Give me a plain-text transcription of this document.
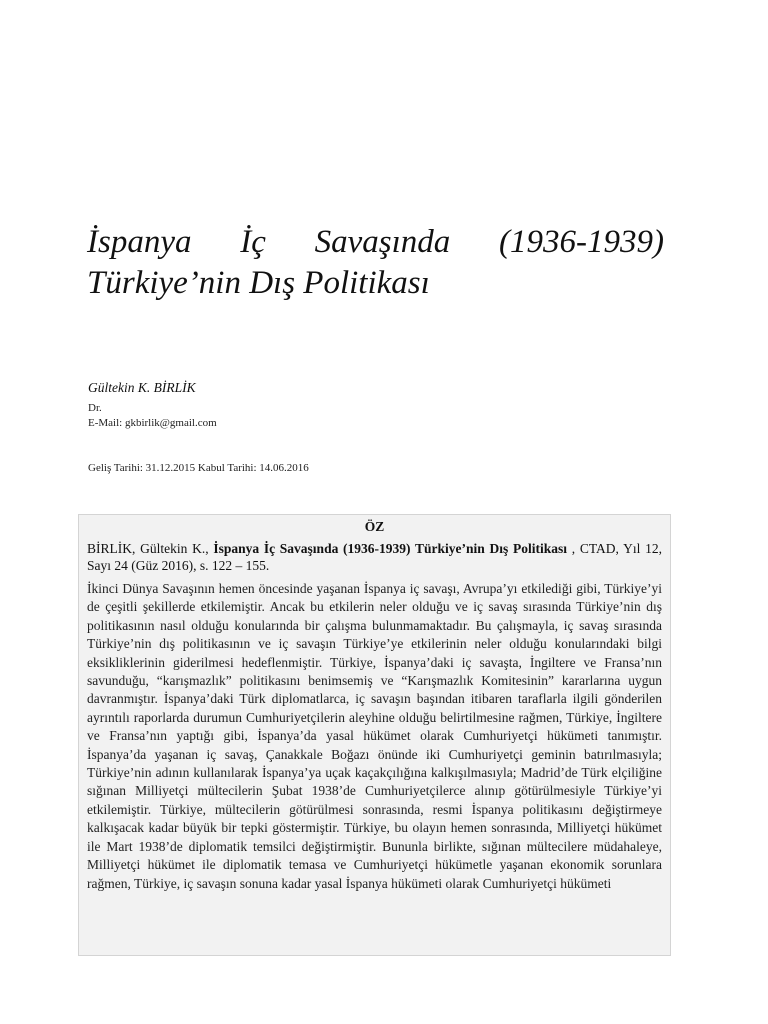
İspanya İç Savaşında (1936-1939)
Türkiye’nin Dış Politikası

Gültekin K. BİRLİK

Dr.
E-Mail: gkbirlik@gmail.com
Geliş Tarihi: 31.12.2015 Kabul Tarihi: 14.06.2016
ÖZ

BİRLİK, Gültekin K., İspanya İç Savaşında (1936-1939) Türkiye’nin Dış Politikası , CTAD, Yıl 12, Sayı 24 (Güz 2016), s. 122 – 155.

İkinci Dünya Savaşının hemen öncesinde yaşanan İspanya iç savaşı, Avrupa’yı etkilediği gibi, Türkiye’yi de çeşitli şekillerde etkilemiştir. Ancak bu etkilerin neler olduğu ve iç savaş sırasında Türkiye’nin dış politikasının nasıl olduğu konularında bir çalışma bulunmamaktadır. Bu çalışmayla, iç savaş sırasında Türkiye’nin dış politikasının ve iç savaşın Türkiye’ye etkilerinin neler olduğu konularındaki bilgi eksikliklerinin giderilmesi hedeflenmiştir. Türkiye, İspanya’daki iç savaşta, İngiltere ve Fransa’nın savunduğu, “karışmazlık” politikasını benimsemiş ve “Karışmazlık Komitesinin” kararlarına uygun davranmıştır. İspanya’daki Türk diplomatlarca, iç savaşın başından itibaren taraflarla ilgili gönderilen ayrıntılı raporlarda durumun Cumhuriyetçilerin aleyhine olduğu belirtilmesine rağmen, Türkiye, İngiltere ve Fransa’nın yaptığı gibi, İspanya’da yasal hükümet olarak Cumhuriyetçi hükümeti tanımıştır. İspanya’da yaşanan iç savaş, Çanakkale Boğazı önünde iki Cumhuriyetçi geminin batırılmasıyla; Türkiye’nin adının kullanılarak İspanya’ya uçak kaçakçılığına kalkışılmasıyla; Madrid’de Türk elçiliğine sığınan Milliyetçi mültecilerin Şubat 1938’de Cumhuriyetçilerce alınıp götürülmesiyle Türkiye’yi etkilemiştir. Türkiye, mültecilerin götürülmesi sonrasında, resmi İspanya politikasını değiştirmeye kalkışacak kadar büyük bir tepki göstermiştir. Türkiye, bu olayın hemen sonrasında, Milliyetçi hükümet ile Mart 1938’de diplomatik temsilci değiştirmiştir. Bununla birlikte, sığınan mültecilere müdahaleye, Milliyetçi hükümet ile diplomatik temasa ve Cumhuriyetçi hükümetle yaşanan ekonomik sorunlara rağmen, Türkiye, iç savaşın sonuna kadar yasal İspanya hükümeti olarak Cumhuriyetçi hükümeti
